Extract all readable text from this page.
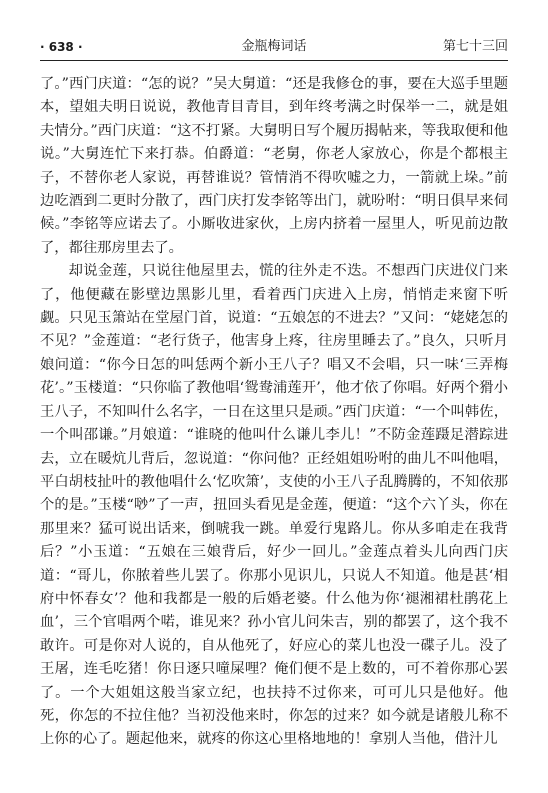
· 638 ·	金瓶梅词话	第七十三回

了。”西门庆道：“怎的说？”吴大舅道：“还是我修仓的事，要在大巡手里题本，望姐夫明日说说，教他青目青目，到年终考满之时保举一二，就是姐夫情分。”西门庆道：“这不打紧。大舅明日写个履历揭帖来，等我取便和他说。”大舅连忙下来打恭。伯爵道：“老舅，你老人家放心，你是个都根主子，不替你老人家说，再替谁说？管情消不得吹嘘之力，一箭就上垛。”前边吃酒到二更时分散了，西门庆打发李铭等出门，就吩咐：“明日俱早来伺候。”李铭等应诺去了。小厮收进家伙，上房内挤着一屋里人，听见前边散了，都往那房里去了。

却说金莲，只说往他屋里去，慌的往外走不迭。不想西门庆进仪门来了，他便藏在影壁边黑影儿里，看着西门庆进入上房，悄悄走来窗下听觑。只见玉箫站在堂屋门首，说道：“五娘怎的不进去？”又问：“姥姥怎的不见？”金莲道：“老行货子，他害身上疼，往房里睡去了。”良久，只听月娘问道：“你今日怎的叫恁两个新小王八子？唱又不会唱，只一味‘三弄梅花’。”玉楼道：“只你临了教他唱‘鸳鸯浦莲开’，他才依了你唱。好两个猾小王八子，不知叫什么名字，一日在这里只是顽。”西门庆道：“一个叫韩佐，一个叫邵谦。”月娘道：“谁晓的他叫什么谦儿李儿！”不防金莲蹑足潜踪进去，立在暖炕儿背后，忽说道：“你问他？正经姐姐吩咐的曲儿不叫他唱，平白胡枝扯叶的教他唱什么‘忆吹箫’，支使的小王八子乱腾腾的，不知依那个的是。”玉楼“唦”了一声，扭回头看见是金莲，便道：“这个六丫头，你在那里来？猛可说出话来，倒唬我一跳。单爱行鬼路儿。你从多咱走在我背后？”小玉道：“五娘在三娘背后，好少一回儿。”金莲点着头儿向西门庆道：“哥儿，你脓着些儿罢了。你那小见识儿，只说人不知道。他是甚‘相府中怀春女’？他和我都是一般的后婚老婆。什么他为你‘褪湘裙杜鹃花上血’，三个官唱两个喏，谁见来？孙小官儿问朱吉，别的都罢了，这个我不敢许。可是你对人说的，自从他死了，好应心的菜儿也没一碟子儿。没了王屠，连毛吃猪！你日逐只噇屎哩？俺们便不是上数的，可不着你那心罢了。一个大姐姐这般当家立纪，也扶持不过你来，可可儿只是他好。他死，你怎的不拉住他？当初没他来时，你怎的过来？如今就是诸般儿称不上你的心了。题起他来，就疼的你这心里格地地的！拿别人当他，借汁儿
